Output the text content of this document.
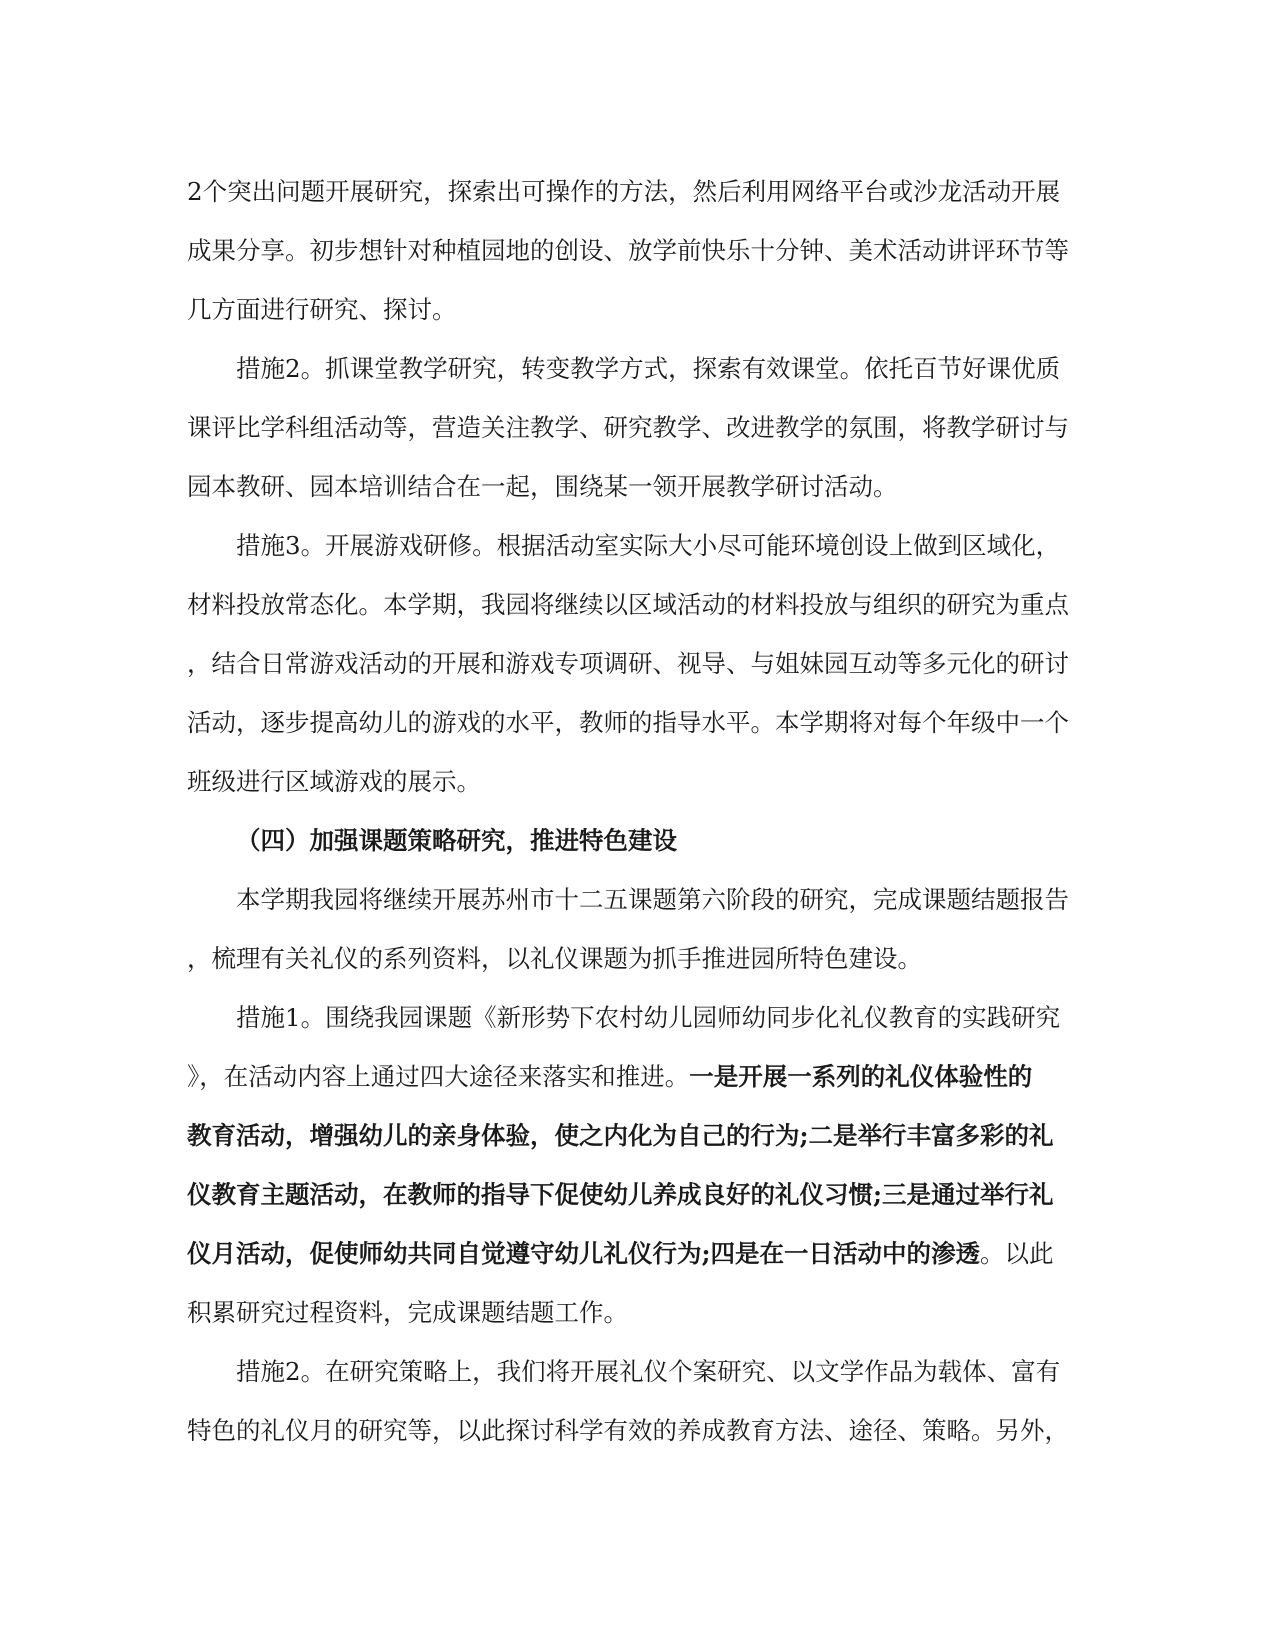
2个突出问题开展研究，探索出可操作的方法，然后利用网络平台或沙龙活动开展
成果分享。初步想针对种植园地的创设、放学前快乐十分钟、美术活动讲评环节等
几方面进行研究、探讨。
措施2。抓课堂教学研究，转变教学方式，探索有效课堂。依托百节好课优质
课评比学科组活动等，营造关注教学、研究教学、改进教学的氛围，将教学研讨与
园本教研、园本培训结合在一起，围绕某一领开展教学研讨活动。
措施3。开展游戏研修。根据活动室实际大小尽可能环境创设上做到区域化，
材料投放常态化。本学期，我园将继续以区域活动的材料投放与组织的研究为重点
，结合日常游戏活动的开展和游戏专项调研、视导、与姐妹园互动等多元化的研讨
活动，逐步提高幼儿的游戏的水平，教师的指导水平。本学期将对每个年级中一个
班级进行区域游戏的展示。
（四）加强课题策略研究，推进特色建设
本学期我园将继续开展苏州市十二五课题第六阶段的研究，完成课题结题报告
，梳理有关礼仪的系列资料，以礼仪课题为抓手推进园所特色建设。
措施1。围绕我园课题《新形势下农村幼儿园师幼同步化礼仪教育的实践研究
》，在活动内容上通过四大途径来落实和推进。一是开展一系列的礼仪体验性的
教育活动，增强幼儿的亲身体验，使之内化为自己的行为;二是举行丰富多彩的礼
仪教育主题活动，在教师的指导下促使幼儿养成良好的礼仪习惯;三是通过举行礼
仪月活动，促使师幼共同自觉遵守幼儿礼仪行为;四是在一日活动中的渗透。以此
积累研究过程资料，完成课题结题工作。
措施2。在研究策略上，我们将开展礼仪个案研究、以文学作品为载体、富有
特色的礼仪月的研究等，以此探讨科学有效的养成教育方法、途径、策略。另外，
